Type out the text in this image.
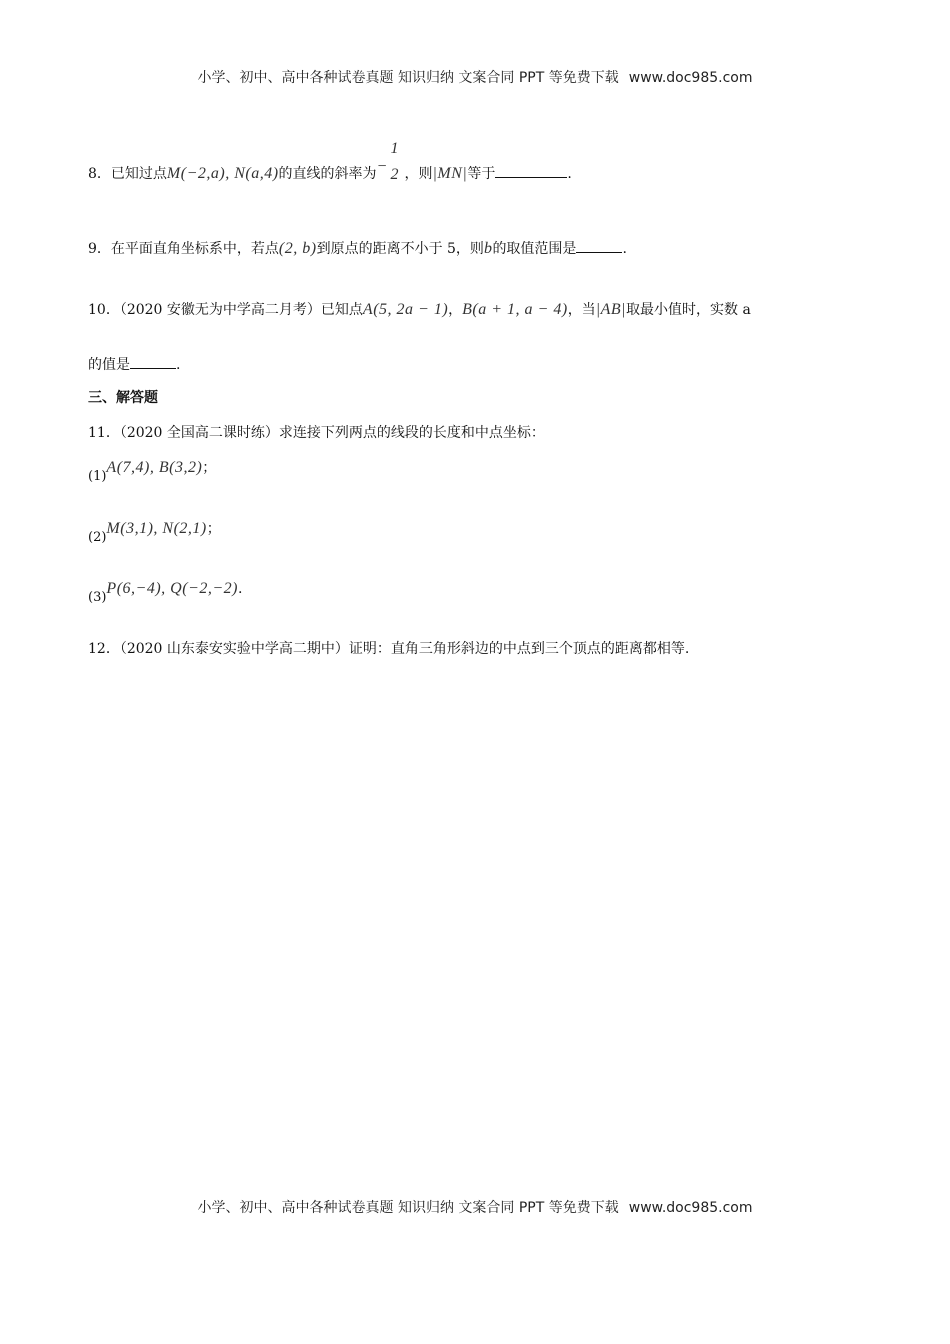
小学、初中、高中各种试卷真题 知识归纳 文案合同 PPT 等免费下载 www.doc985.com
8．已知过点M(−2,a), N(a,4)的直线的斜率为 −
1
2 ，则|MN|等于	.
9．在平面直角坐标系中，若点(2, b)到原点的距离不小于 5，则b的取值范围是	.
10．（2020 安徽无为中学高二月考）已知点A(5, 2a − 1)，B(a + 1, a − 4)，当|AB|取最小值时，实数 a
的值是	.
三、解答题
11．（2020 全国高二课时练）求连接下列两点的线段的长度和中点坐标：
(1)A(7,4), B(3,2)；
(2)M(3,1), N(2,1)；
(3)P(6,−4), Q(−2,−2).
12．（2020 山东泰安实验中学高二期中）证明：直角三角形斜边的中点到三个顶点的距离都相等.
小学、初中、高中各种试卷真题 知识归纳 文案合同 PPT 等免费下载 www.doc985.com
